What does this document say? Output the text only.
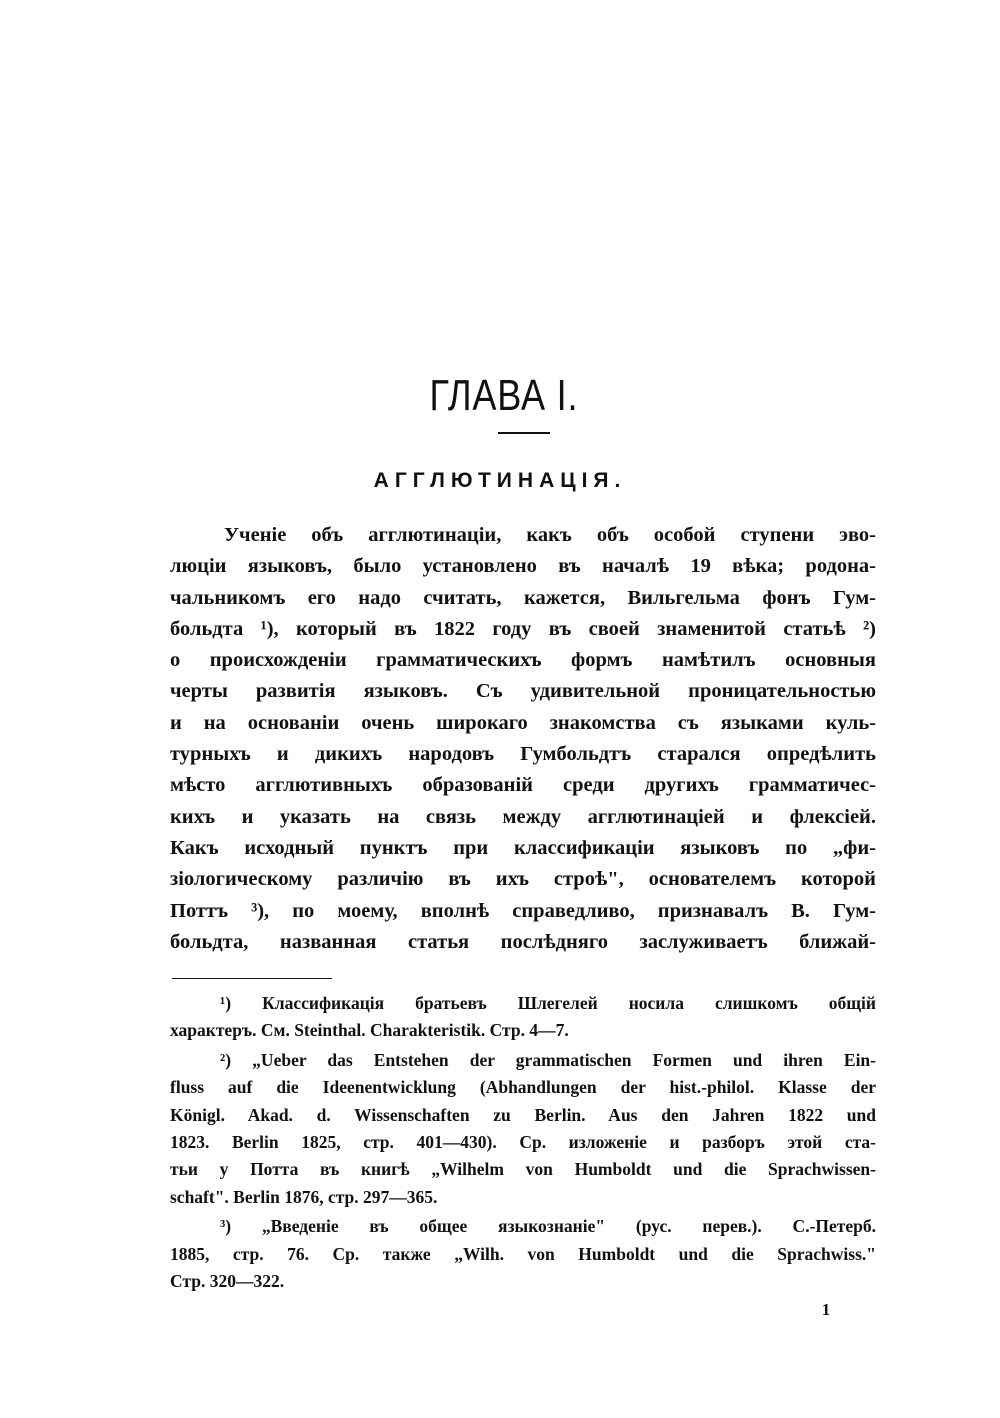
ГЛАВА I.
АГГЛЮТИНАЦІЯ.
Ученіе объ агглютинаціи, какъ объ особой ступени эво-
люціи языковъ, было установлено въ началѣ 19 вѣка; родона-
чальникомъ его надо считать, кажется, Вильгельма фонъ Гум-
больдта ¹), который въ 1822 году въ своей знаменитой статьѣ ²)
о происхожденіи грамматическихъ формъ намѣтилъ основныя
черты развитія языковъ. Съ удивительной проницательностью
и на основаніи очень широкаго знакомства съ языками куль-
турныхъ и дикихъ народовъ Гумбольдтъ старался опредѣлить
мѣсто агглютивныхъ образованій среди другихъ грамматичес-
кихъ и указать на связь между агглютинаціей и флексіей.
Какъ исходный пунктъ при классификаціи языковъ по „фи-
зіологическому различію въ ихъ строѣ", основателемъ которой
Поттъ ³), по моему, вполнѣ справедливо, признавалъ В. Гум-
больдта, названная статья послѣдняго заслуживаетъ ближай-
¹) Классификація братьевъ Шлегелей носила слишкомъ общій
характеръ. См. Steinthal. Charakteristik. Стр. 4—7.
²) „Ueber das Entstehen der grammatischen Formen und ihren Ein-
fluss auf die Ideenentwicklung (Abhandlungen der hist.-philol. Klasse der
Königl. Akad. d. Wissenschaften zu Berlin. Aus den Jahren 1822 und
1823. Berlin 1825, стр. 401—430). Ср. изложеніе и разборъ этой ста-
тьи у Потта въ книгѣ „Wilhelm von Humboldt und die Sprachwissen-
schaft". Berlin 1876, стр. 297—365.
³) „Введеніе въ общее языкознаніе" (рус. перев.). С.-Петерб.
1885, стр. 76. Ср. также „Wilh. von Humboldt und die Sprachwiss."
Стр. 320—322.
1
